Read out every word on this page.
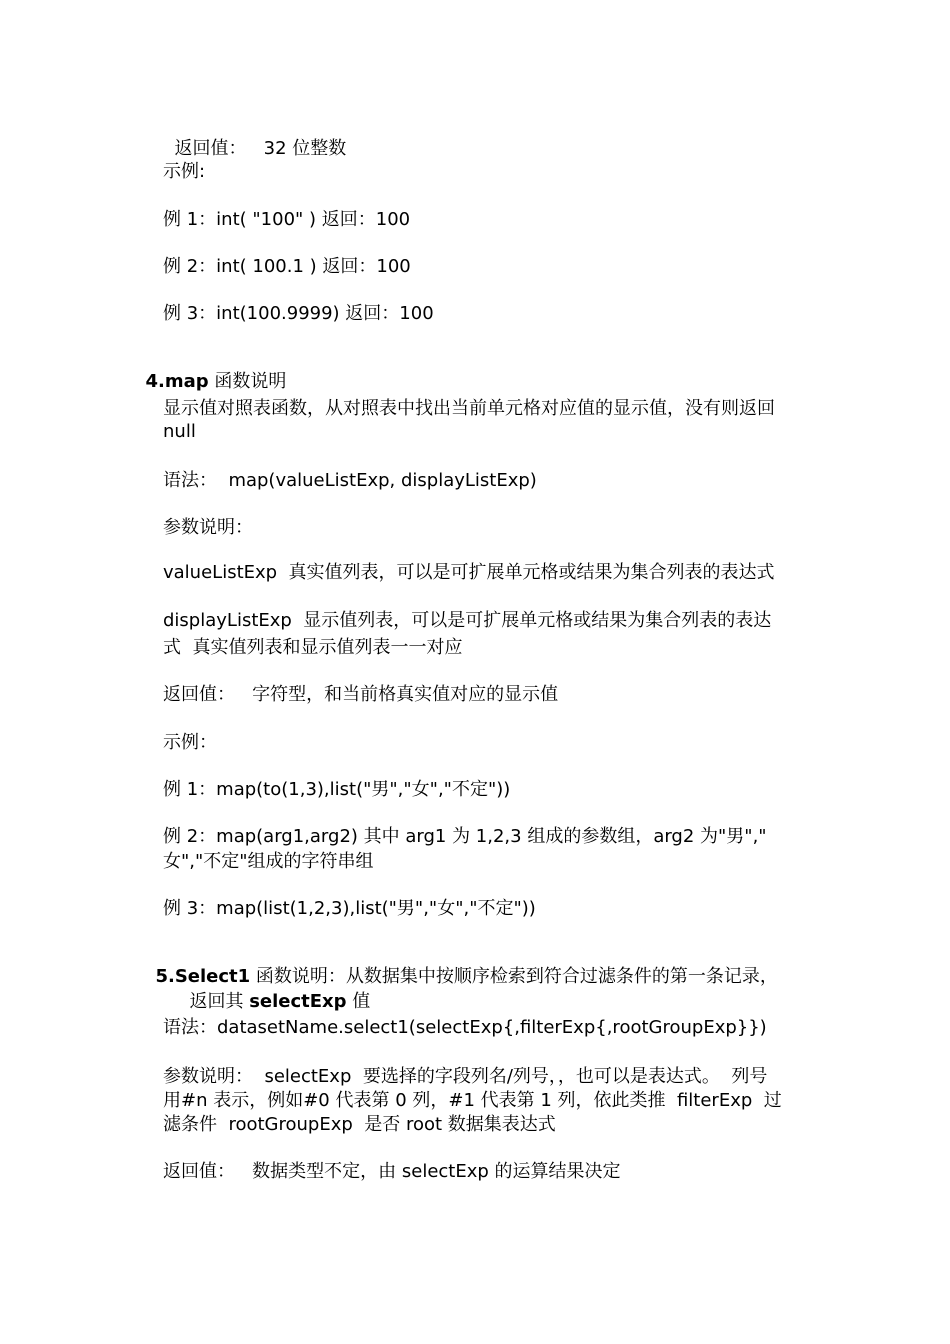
返回值： 32 位整数

示例:
例 1：int( "100" ) 返回：100
例 2：int( 100.1 ) 返回：100
例 3：int(100.9999) 返回：100

4.map 函数说明

显示值对照表函数，从对照表中找出当前单元格对应值的显示值，没有则返回
null
语法：  map(valueListExp, displayListExp)
参数说明：
valueListExp  真实值列表，可以是可扩展单元格或结果为集合列表的表达式
displayListExp  显示值列表，可以是可扩展单元格或结果为集合列表的表达
式  真实值列表和显示值列表一一对应
返回值：   字符型，和当前格真实值对应的显示值
示例：
例 1：map(to(1,3),list("男","女","不定"))
例 2：map(arg1,arg2) 其中 arg1 为 1,2,3 组成的参数组，arg2 为"男","
女","不定"组成的字符串组
例 3：map(list(1,2,3),list("男","女","不定"))

5.Select1 函数说明：从数据集中按顺序检索到符合过滤条件的第一条记录，

返回其 selectExp 值

语法：datasetName.select1(selectExp{,filterExp{,rootGroupExp}})
参数说明：  selectExp  要选择的字段列名/列号，，也可以是表达式。  列号
用#n 表示，例如#0 代表第 0 列，#1 代表第 1 列，依此类推  filterExp  过
滤条件  rootGroupExp  是否 root 数据集表达式
返回值：   数据类型不定，由 selectExp 的运算结果决定
